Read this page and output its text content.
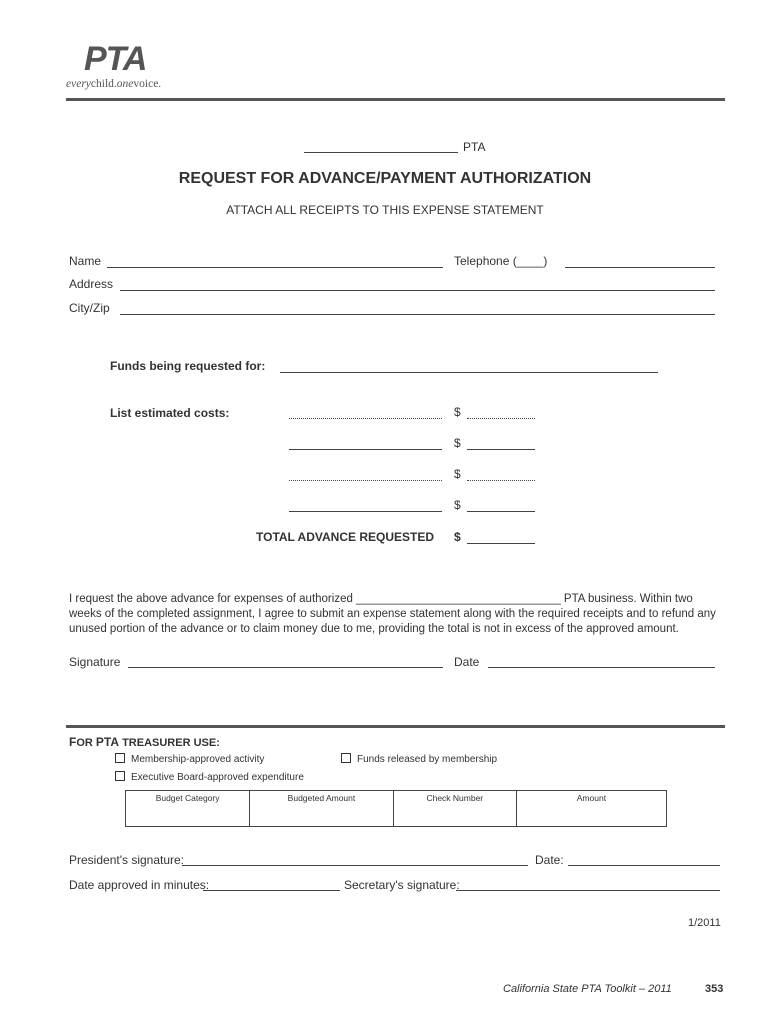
PTA
everychild.onevoice.
PTA
REQUEST FOR ADVANCE/PAYMENT AUTHORIZATION
ATTACH ALL RECEIPTS TO THIS EXPENSE STATEMENT
Name	Telephone (____)
Address
City/Zip
Funds being requested for:
List estimated costs:	$
$
$
$
TOTAL ADVANCE REQUESTED $

I request the above advance for expenses of authorized ________________________________ PTA business. Within two

weeks of the completed assignment, I agree to submit an expense statement along with the required receipts and to refund any

unused portion of the advance or to claim money due to me, providing the total is not in excess of the approved amount.

Signature	Date
FOR PTA TREASURER USE:
Membership-approved activity	Funds released by membership
Executive Board-approved expenditure
Budget Category	Budgeted Amount	Check Number	Amount
President's signature:	Date:
Date approved in minutes:	Secretary's signature:
1/2011
California State PTA Toolkit – 2011	353
